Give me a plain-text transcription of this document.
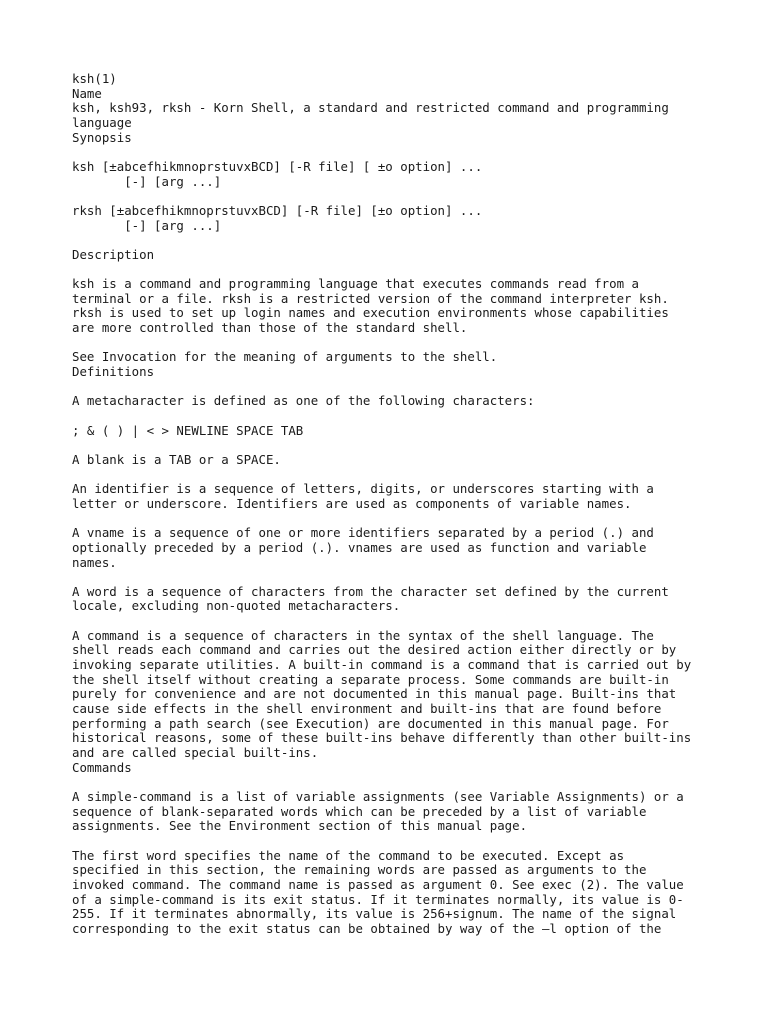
ksh(1)
Name
ksh, ksh93, rksh - Korn Shell, a standard and restricted command and programming
language
Synopsis
ksh [±abcefhikmnoprstuvxBCD] [-R file] [ ±o option] ...
[-] [arg ...]
rksh [±abcefhikmnoprstuvxBCD] [-R file] [±o option] ...
[-] [arg ...]
Description
ksh is a command and programming language that executes commands read from a
terminal or a file. rksh is a restricted version of the command interpreter ksh.
rksh is used to set up login names and execution environments whose capabilities
are more controlled than those of the standard shell.
See Invocation for the meaning of arguments to the shell.
Definitions
A metacharacter is defined as one of the following characters:
; & ( ) | < > NEWLINE SPACE TAB
A blank is a TAB or a SPACE.
An identifier is a sequence of letters, digits, or underscores starting with a
letter or underscore. Identifiers are used as components of variable names.
A vname is a sequence of one or more identifiers separated by a period (.) and
optionally preceded by a period (.). vnames are used as function and variable
names.
A word is a sequence of characters from the character set defined by the current
locale, excluding non-quoted metacharacters.
A command is a sequence of characters in the syntax of the shell language. The
shell reads each command and carries out the desired action either directly or by
invoking separate utilities. A built-in command is a command that is carried out by
the shell itself without creating a separate process. Some commands are built-in
purely for convenience and are not documented in this manual page. Built-ins that
cause side effects in the shell environment and built-ins that are found before
performing a path search (see Execution) are documented in this manual page. For
historical reasons, some of these built-ins behave differently than other built-ins
and are called special built-ins.
Commands
A simple-command is a list of variable assignments (see Variable Assignments) or a
sequence of blank-separated words which can be preceded by a list of variable
assignments. See the Environment section of this manual page.
The first word specifies the name of the command to be executed. Except as
specified in this section, the remaining words are passed as arguments to the
invoked command. The command name is passed as argument 0. See exec (2). The value
of a simple-command is its exit status. If it terminates normally, its value is 0-
255. If it terminates abnormally, its value is 256+signum. The name of the signal
corresponding to the exit status can be obtained by way of the –l option of the
